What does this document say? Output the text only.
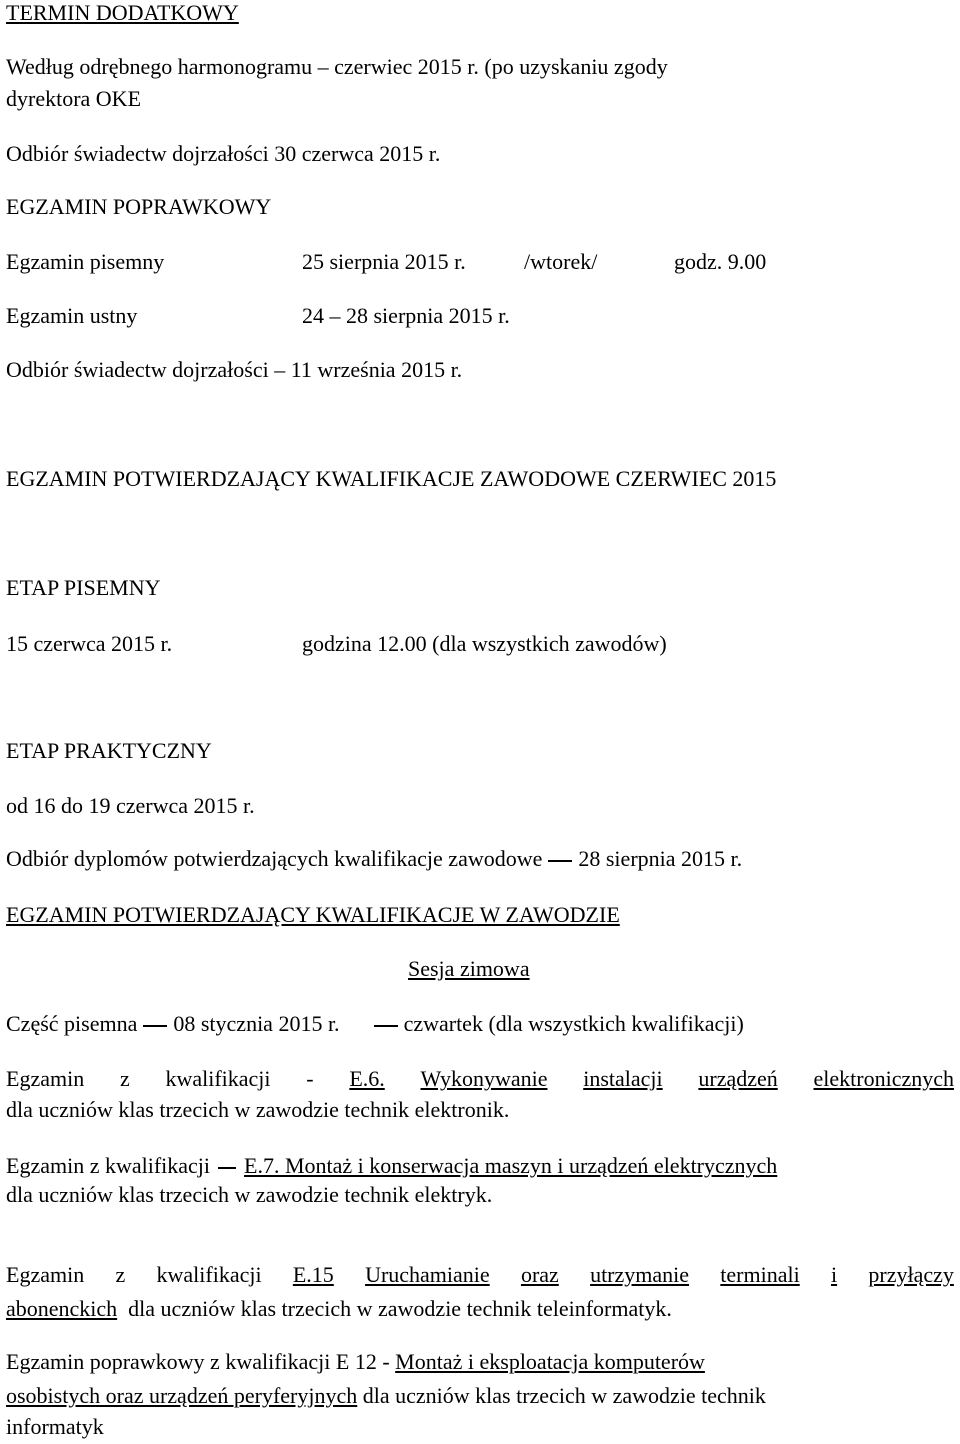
TERMIN DODATKOWY
Według odrębnego harmonogramu – czerwiec 2015 r. (po uzyskaniu zgody
dyrektora OKE
Odbiór świadectw dojrzałości 30 czerwca 2015 r.
EGZAMIN POPRAWKOWY
Egzamin pisemny	25 sierpnia 2015 r.	/wtorek/	godz. 9.00
Egzamin ustny	24 – 28 sierpnia 2015 r.
Odbiór świadectw dojrzałości – 11 września 2015 r.
EGZAMIN POTWIERDZAJĄCY KWALIFIKACJE ZAWODOWE CZERWIEC 2015
ETAP PISEMNY
15 czerwca 2015 r.	godzina 12.00 (dla wszystkich zawodów)
ETAP PRAKTYCZNY
od 16 do 19 czerwca 2015 r.
Odbiór dyplomów potwierdzających kwalifikacje zawodowe 28 sierpnia 2015 r.
EGZAMIN POTWIERDZAJĄCY KWALIFIKACJE W ZAWODZIE
Sesja zimowa
Część pisemna 08 stycznia 2015 r.	czwartek (dla wszystkich kwalifikacji)
Egzamin z kwalifikacji - E.6. Wykonywanie instalacji urządzeń elektronicznych
dla uczniów klas trzecich w zawodzie technik elektronik.
Egzamin z kwalifikacji E.7. Montaż i konserwacja maszyn i urządzeń elektrycznych
dla uczniów klas trzecich w zawodzie technik elektryk.
Egzamin z kwalifikacji E.15 Uruchamianie oraz utrzymanie terminali i przyłączy
abonenckich dla uczniów klas trzecich w zawodzie technik teleinformatyk.
Egzamin poprawkowy z kwalifikacji E 12 - Montaż i eksploatacja komputerów
osobistych oraz urządzeń peryferyjnych dla uczniów klas trzecich w zawodzie technik
informatyk
